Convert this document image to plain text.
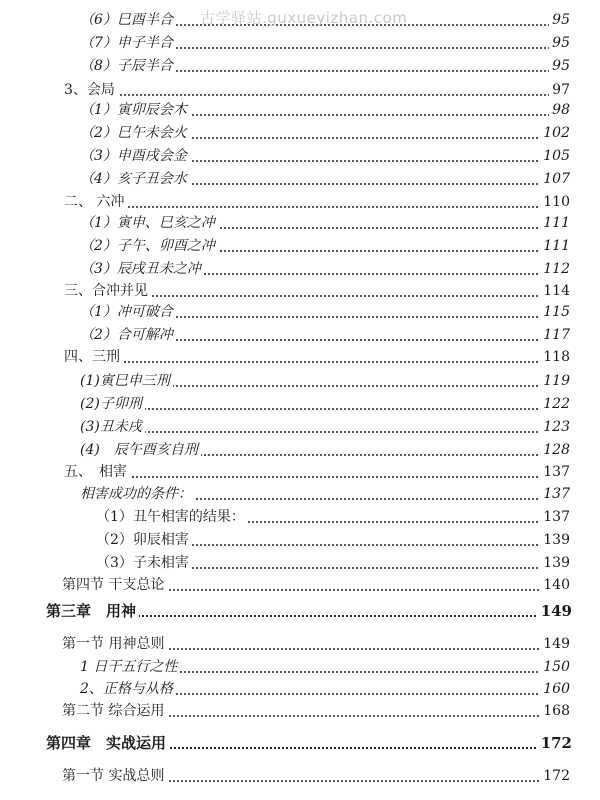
（6）巳酉半合	95
（7）申子半合	95
（8）子辰半合	95
3、会局	97
（1）寅卯辰会木	98
（2）巳午未会火	102
（3）申酉戌会金	105
（4）亥子丑会水	107
二、 六冲	110
（1）寅申、巳亥之冲	111
（2）子午、卯酉之冲	111
（3）辰戌丑未之冲	112
三、合冲并见	114
（1）冲可破合	115
（2）合可解冲	117
四、三刑	118
(1)寅巳申三刑	119
(2)子卯刑	122
(3)丑未戌	123
(4)　辰午酉亥自刑	128
五、　相害	137
相害成功的条件：	137
（1）丑午相害的结果：	137
（2）卯辰相害	139
（3）子未相害	139
第四节 干支总论	140
第三章　用神	149
第一节 用神总则	149
1 日干五行之性	150
2、正格与从格	160
第二节 综合运用	168
第四章　实战运用	172
第一节 实战总则	172
古学驿站.guxueyizhan.com
